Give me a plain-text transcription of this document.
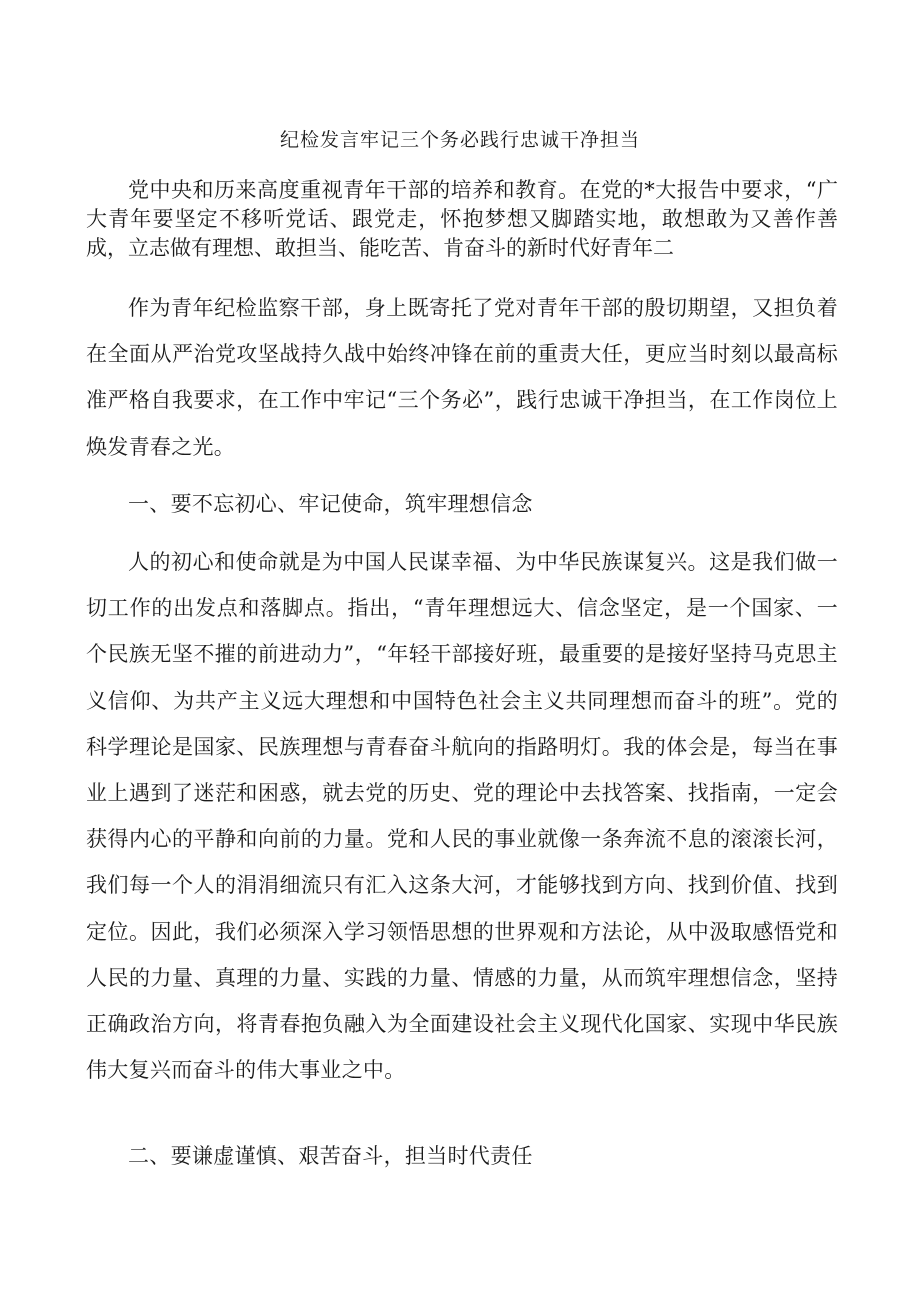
纪检发言牢记三个务必践行忠诚干净担当

党中央和历来高度重视青年干部的培养和教育。在党的*大报告中要求，“广大青年要坚定不移听党话、跟党走，怀抱梦想又脚踏实地，敢想敢为又善作善成，立志做有理想、敢担当、能吃苦、肯奋斗的新时代好青年二

作为青年纪检监察干部，身上既寄托了党对青年干部的殷切期望，又担负着在全面从严治党攻坚战持久战中始终冲锋在前的重责大任，更应当时刻以最高标准严格自我要求，在工作中牢记“三个务必”，践行忠诚干净担当，在工作岗位上焕发青春之光。

一、要不忘初心、牢记使命，筑牢理想信念

人的初心和使命就是为中国人民谋幸福、为中华民族谋复兴。这是我们做一切工作的出发点和落脚点。指出，“青年理想远大、信念坚定，是一个国家、一个民族无坚不摧的前进动力”，“年轻干部接好班，最重要的是接好坚持马克思主义信仰、为共产主义远大理想和中国特色社会主义共同理想而奋斗的班”。党的科学理论是国家、民族理想与青春奋斗航向的指路明灯。我的体会是，每当在事业上遇到了迷茫和困惑，就去党的历史、党的理论中去找答案、找指南，一定会获得内心的平静和向前的力量。党和人民的事业就像一条奔流不息的滚滚长河，我们每一个人的涓涓细流只有汇入这条大河，才能够找到方向、找到价值、找到定位。因此，我们必须深入学习领悟思想的世界观和方法论，从中汲取感悟党和人民的力量、真理的力量、实践的力量、情感的力量，从而筑牢理想信念，坚持正确政治方向，将青春抱负融入为全面建设社会主义现代化国家、实现中华民族伟大复兴而奋斗的伟大事业之中。

二、要谦虚谨慎、艰苦奋斗，担当时代责任
